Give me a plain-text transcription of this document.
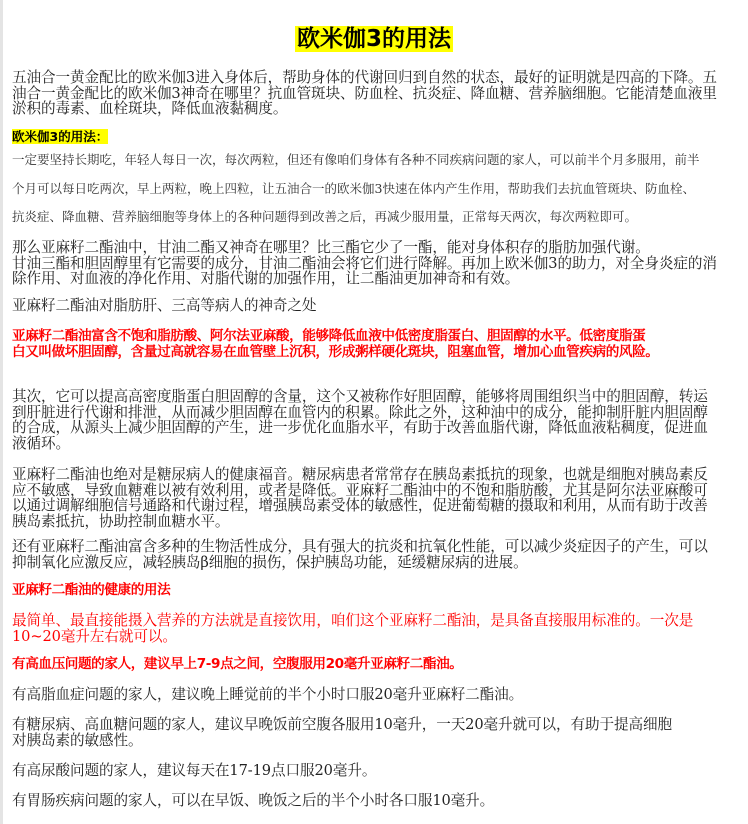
欧米伽3的用法
五油合一黄金配比的欧米伽3进入身体后，帮助身体的代谢回归到自然的状态，最好的证明就是四高的下降。五
油合一黄金配比的欧米伽3神奇在哪里？抗血管斑块、防血栓、抗炎症、降血糖、营养脑细胞。它能清楚血液里
淤积的毒素、血栓斑块，降低血液黏稠度。
欧米伽3的用法：
一定要坚持长期吃，年轻人每日一次，每次两粒，但还有像咱们身体有各种不同疾病问题的家人，可以前半个月多服用，前半
个月可以每日吃两次，早上两粒，晚上四粒，让五油合一的欧米伽3快速在体内产生作用，帮助我们去抗血管斑块、防血栓、
抗炎症、降血糖、营养脑细胞等身体上的各种问题得到改善之后，再减少服用量，正常每天两次，每次两粒即可。
那么亚麻籽二酯油中，甘油二酯又神奇在哪里？比三酯它少了一酯，能对身体积存的脂肪加强代谢。
甘油三酯和胆固醇里有它需要的成分，甘油二酯油会将它们进行降解。再加上欧米伽3的助力，对全身炎症的消
除作用、对血液的净化作用、对脂代谢的加强作用，让二酯油更加神奇和有效。
亚麻籽二酯油对脂肪肝、三高等病人的神奇之处
亚麻籽二酯油富含不饱和脂肪酸、阿尔法亚麻酸，能够降低血液中低密度脂蛋白、胆固醇的水平。低密度脂蛋
白又叫做坏胆固醇，含量过高就容易在血管壁上沉积，形成粥样硬化斑块，阻塞血管，增加心血管疾病的风险。
其次，它可以提高高密度脂蛋白胆固醇的含量，这个又被称作好胆固醇，能够将周围组织当中的胆固醇，转运
到肝脏进行代谢和排泄，从而减少胆固醇在血管内的积累。除此之外，这种油中的成分，能抑制肝脏内胆固醇
的合成，从源头上减少胆固醇的产生，进一步优化血脂水平，有助于改善血脂代谢，降低血液粘稠度，促进血
液循环。
亚麻籽二酯油也绝对是糖尿病人的健康福音。糖尿病患者常常存在胰岛素抵抗的现象，也就是细胞对胰岛素反
应不敏感，导致血糖难以被有效利用，或者是降低。亚麻籽二酯油中的不饱和脂肪酸，尤其是阿尔法亚麻酸可
以通过调解细胞信号通路和代谢过程，增强胰岛素受体的敏感性，促进葡萄糖的摄取和利用，从而有助于改善
胰岛素抵抗，协助控制血糖水平。
还有亚麻籽二酯油富含多种的生物活性成分，具有强大的抗炎和抗氧化性能，可以减少炎症因子的产生，可以
抑制氧化应激反应，减轻胰岛β细胞的损伤，保护胰岛功能，延缓糖尿病的进展。
亚麻籽二酯油的健康的用法
最简单、最直接能摄入营养的方法就是直接饮用，咱们这个亚麻籽二酯油，是具备直接服用标准的。一次是
10~20毫升左右就可以。
有高血压问题的家人，建议早上7-9点之间，空腹服用20毫升亚麻籽二酯油。
有高脂血症问题的家人，建议晚上睡觉前的半个小时口服20毫升亚麻籽二酯油。
有糖尿病、高血糖问题的家人，建议早晚饭前空腹各服用10毫升，一天20毫升就可以，有助于提高细胞
对胰岛素的敏感性。
有高尿酸问题的家人，建议每天在17-19点口服20毫升。
有胃肠疾病问题的家人，可以在早饭、晚饭之后的半个小时各口服10毫升。
